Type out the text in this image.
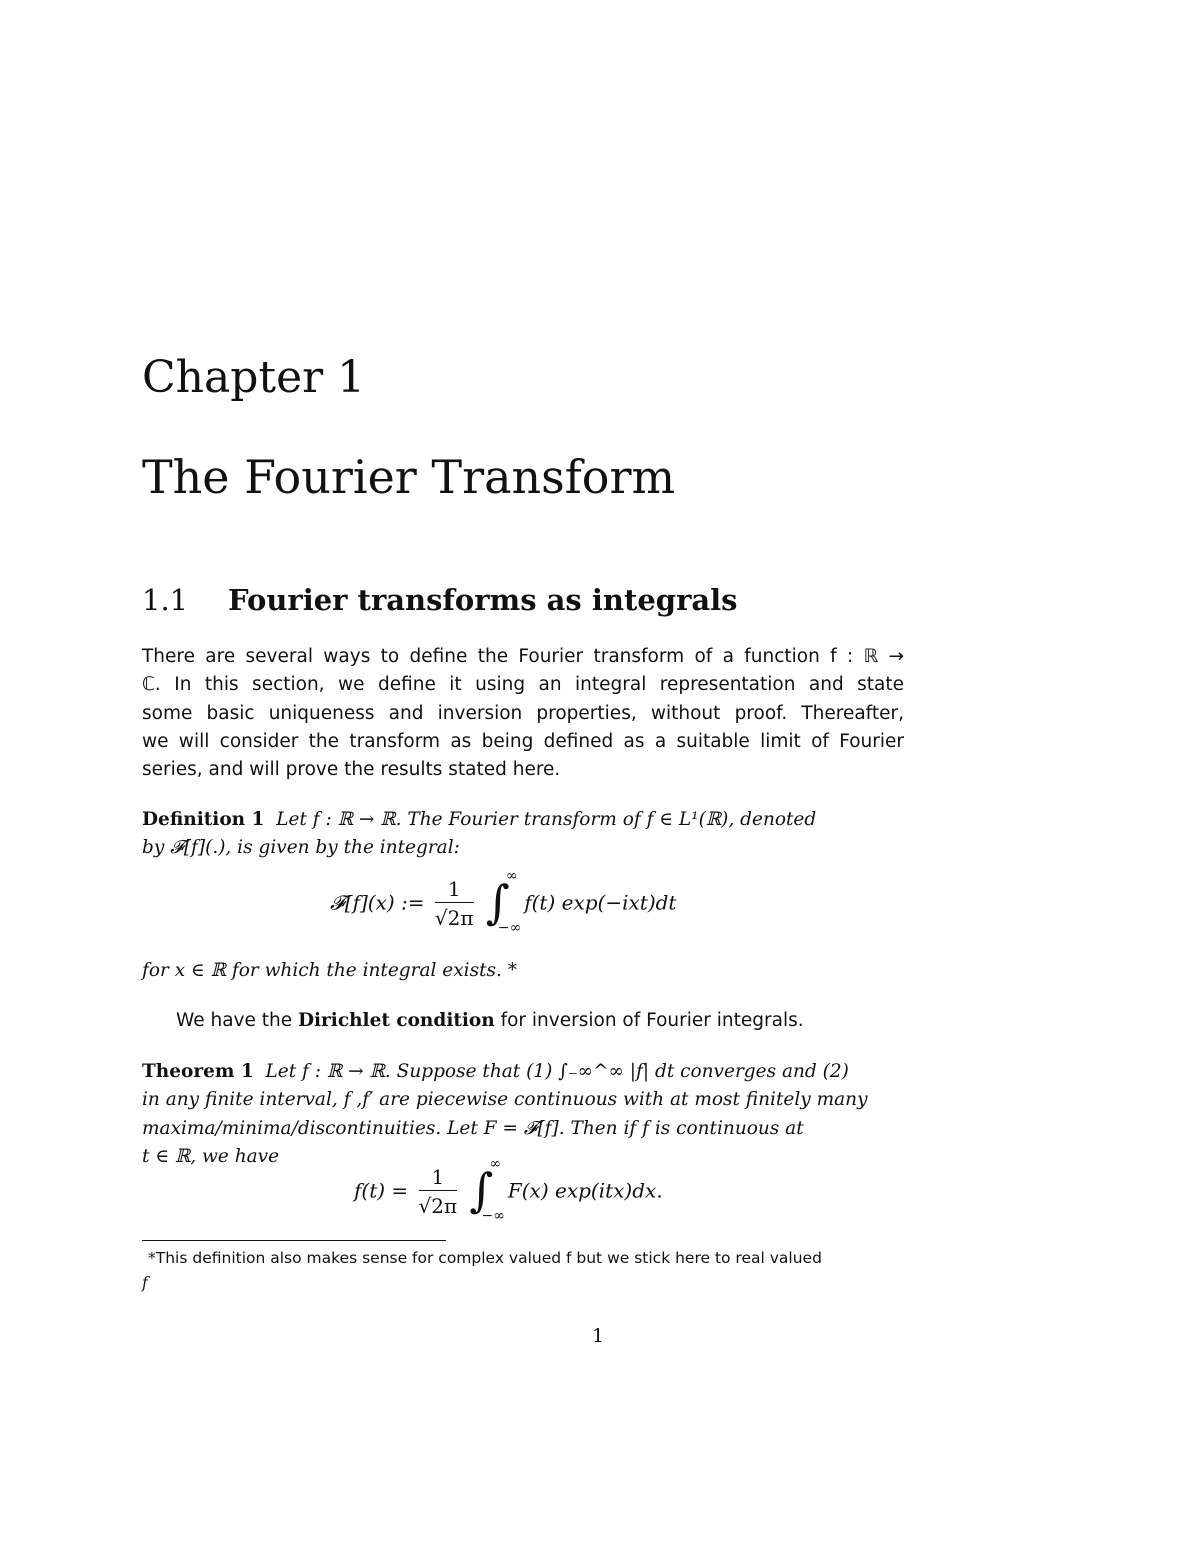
Chapter 1
The Fourier Transform
1.1 Fourier transforms as integrals
There are several ways to define the Fourier transform of a function f : ℝ →
ℂ. In this section, we define it using an integral representation and state
some basic uniqueness and inversion properties, without proof. Thereafter,
we will consider the transform as being defined as a suitable limit of Fourier
series, and will prove the results stated here.
Definition 1 Let f : ℝ → ℝ. The Fourier transform of f ∈ L¹(ℝ), denoted
by 𝓕[f](.), is given by the integral:
𝓕[f](x) := $\frac{1}{√2\pi}$
∫
∞
−∞
f(t) exp(−ixt)dt
for x ∈ ℝ for which the integral exists. *
We have the Dirichlet condition for inversion of Fourier integrals.
Theorem 1 Let f : ℝ → ℝ. Suppose that (1) ∫₋∞^∞ |f| dt converges and (2)
in any finite interval, f ,f′ are piecewise continuous with at most finitely many
maxima/minima/discontinuities. Let F = 𝓕[f]. Then if f is continuous at
t ∈ ℝ, we have
$f(t) = \frac{1}{√2\pi}$
∫
∞
−∞
F(x) exp(itx)dx.
*This definition also makes sense for complex valued f but we stick here to real valued
f
1
